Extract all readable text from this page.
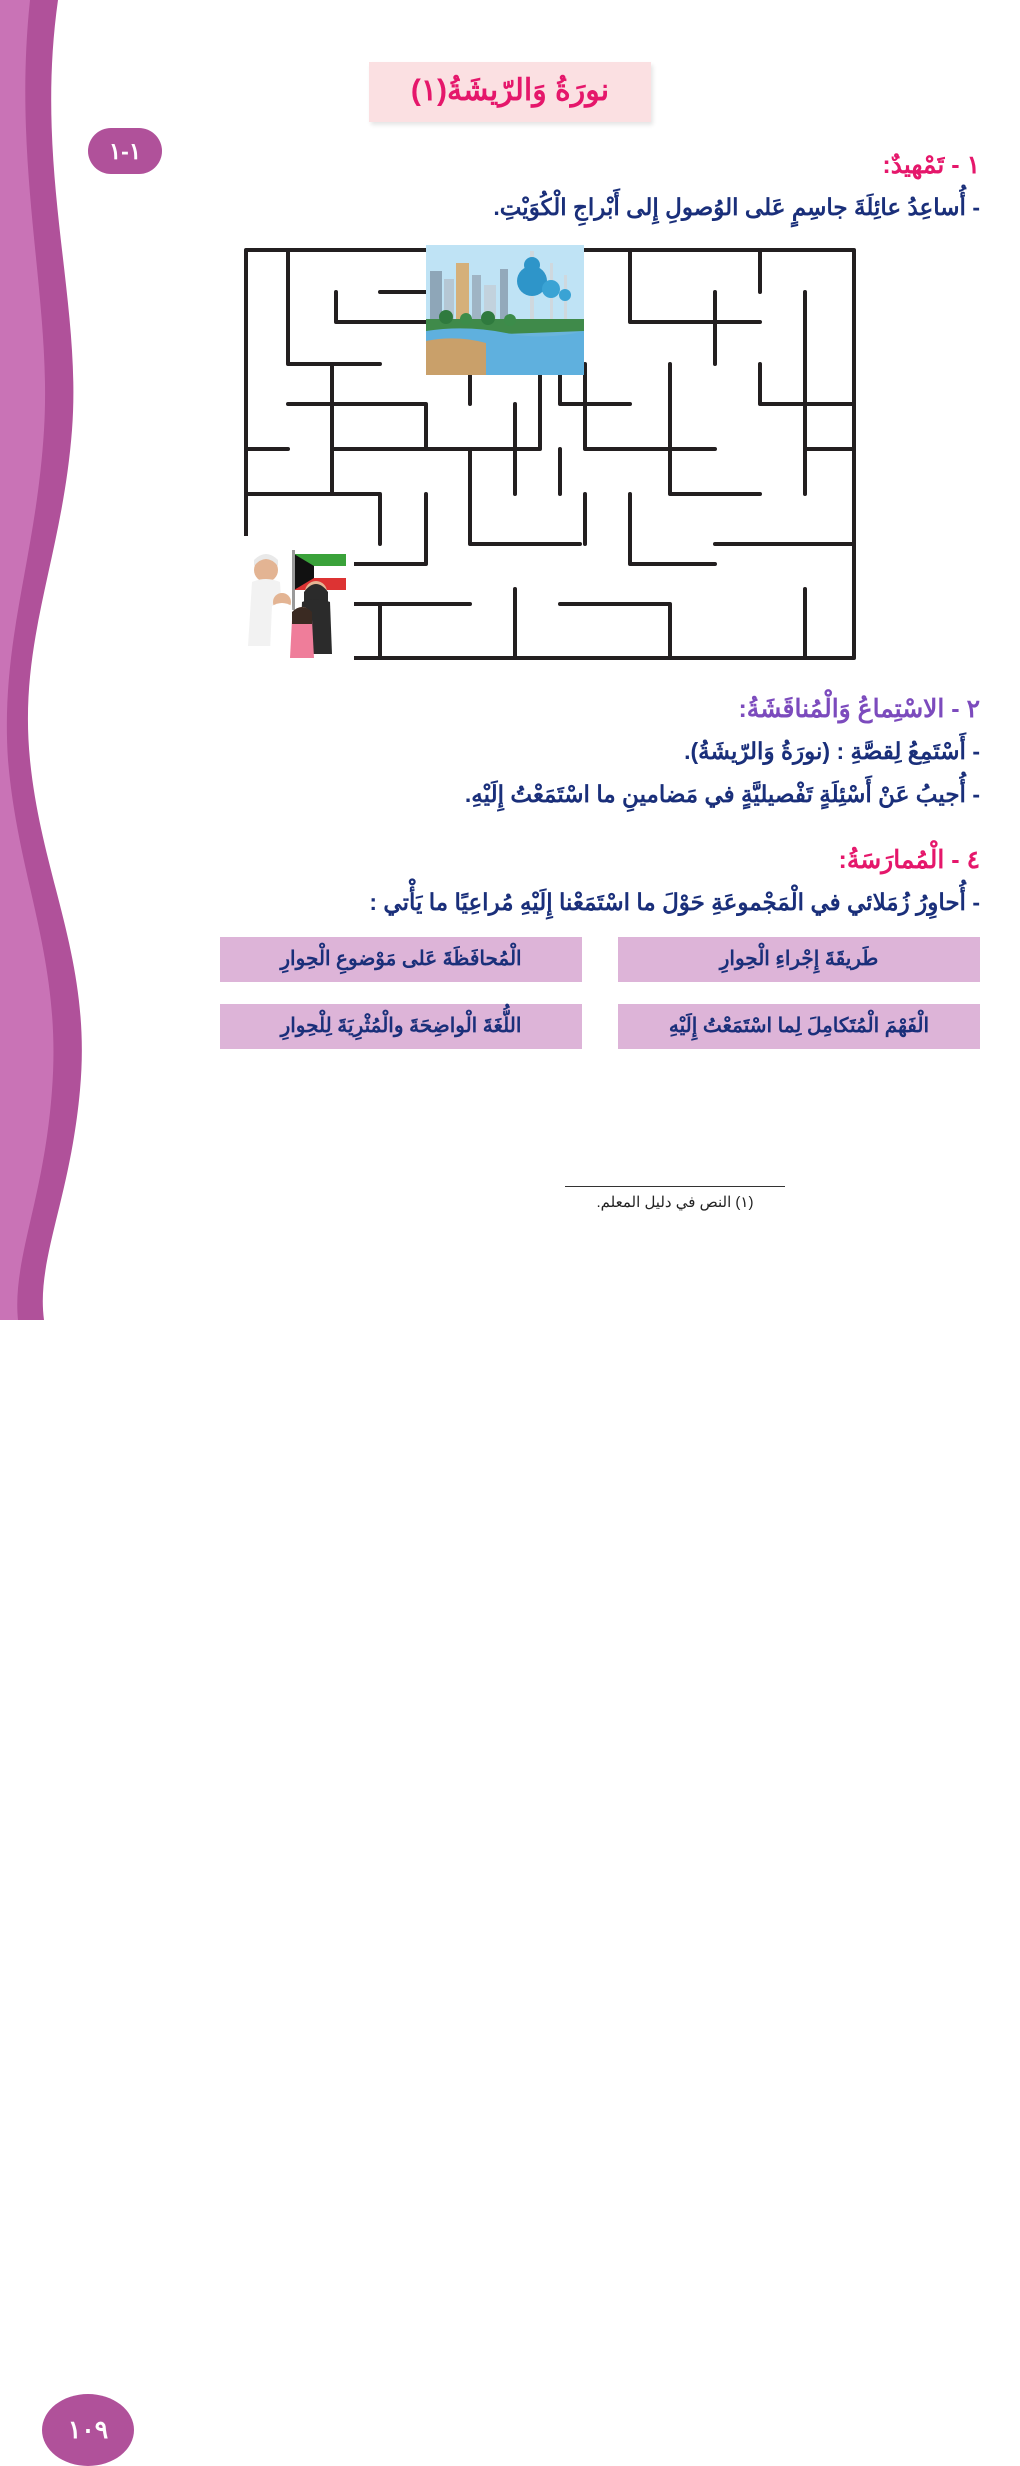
١-١
نورَةُ وَالرّيشَةُ(١)

١ - تَمْهيدٌ:

- أُساعِدُ عائِلَةَ جاسِمٍ عَلى الوُصولِ إِلى أَبْراجِ الْكُوَيْتِ.

٢ - الاسْتِماعُ وَالْمُناقَشَةُ:

- أَسْتَمِعُ لِقصَّةِ : (نورَةُ وَالرّيشَةُ).

- أُجيبُ عَنْ أَسْئِلَةٍ تَفْصيليَّةٍ في مَضامينِ ما اسْتَمَعْتُ إِلَيْهِ.

٤ - الْمُمارَسَةُ:

- أُحاوِرُ زُمَلائي في الْمَجْموعَةِ حَوْلَ ما اسْتَمَعْنا إِلَيْهِ مُراعِيًا ما يَأْتي :

طَريقَةَ إِجْراءِ الْحِوارِ
الْمُحافَظَةَ عَلى مَوْضوعِ الْحِوارِ
الْفَهْمَ الْمُتَكامِلَ لِما اسْتَمَعْتُ إِلَيْهِ
اللُّغَةَ الْواضِحَةَ والْمُثْرِيَةَ لِلْحِوارِ
(١) النص في دليل المعلم.
١٠٩
